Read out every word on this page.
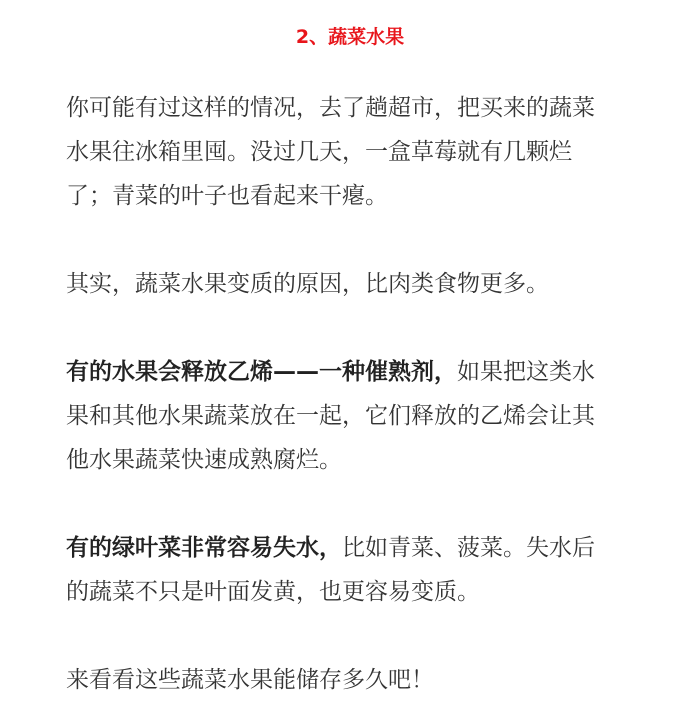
2、蔬菜水果

你可能有过这样的情况，去了趟超市，把买来的蔬菜
水果往冰箱里囤。没过几天，一盒草莓就有几颗烂
了；青菜的叶子也看起来干瘪。

其实，蔬菜水果变质的原因，比肉类食物更多。

有的水果会释放乙烯——一种催熟剂，如果把这类水
果和其他水果蔬菜放在一起，它们释放的乙烯会让其
他水果蔬菜快速成熟腐烂。

有的绿叶菜非常容易失水，比如青菜、菠菜。失水后
的蔬菜不只是叶面发黄，也更容易变质。

来看看这些蔬菜水果能储存多久吧！
